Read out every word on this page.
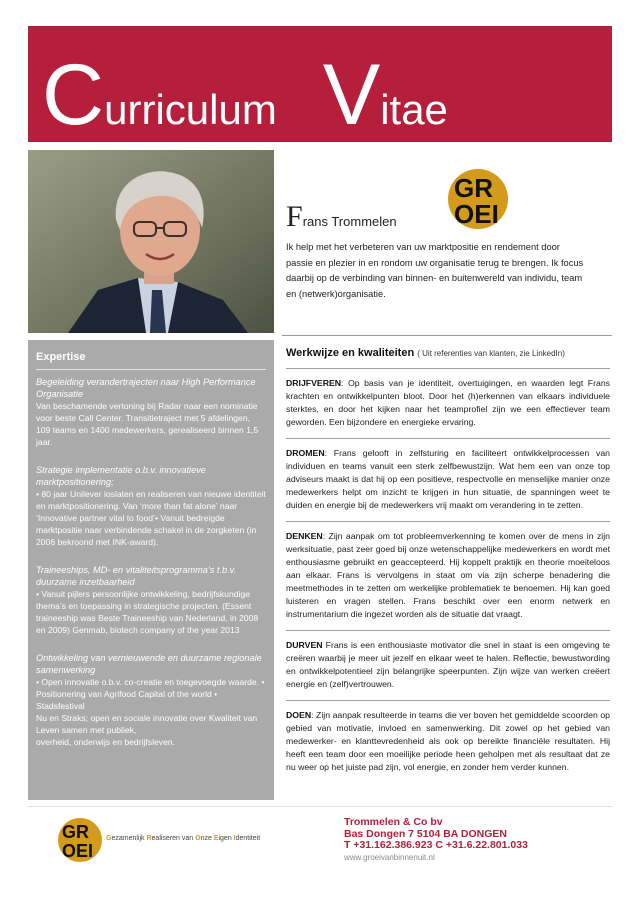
Curriculum Vitae
Frans Trommelen
GR
OEI
Ik help met het verbeteren van uw marktpositie en rendement door passie en plezier in en rondom uw organisatie terug te brengen. Ik focus daarbij op de verbinding van binnen- en buitenwereld van individu, team en (netwerk)organisatie.
Expertise
Begeleiding verandertrajecten naar High Performance Organisatie

Van beschamende vertoning bij Radar naar een nominatie voor beste Call Center. Transitietraject met 5 afdelingen, 109 teams en 1400 medewerkers, gerealiseerd binnen 1,5 jaar.

Strategie implementatie o.b.v. innovatieve marktpositionering;

• 80 jaar Unilever loslaten en realiseren van nieuwe identiteit en marktpositionering. Van ‘more than fat alone’ naar ‘Innovative partner vital to food’• Vanuit bedreigde marktpositie naar verbindende schakel in de zorgketen (in 2006 bekroond met INK-award).

Traineeships, MD- en vitaliteitsprogramma’s t.b.v. duurzame inzetbaarheid

• Vanuit pijlers persoonlijke ontwikkeling, bedrijfskundige thema’s en toepassing in strategische projecten. (Essent traineeship was Beste Traineeship van Nederland, in 2008 en 2009) Genmab, biotech company of the year 2013

Ontwikkeling van vernieuwende en duurzame regionale samenwerking

• Open innovatie o.b.v. co-creatie en toegevoegde waarde. • Positionering van Agrifood Capital of the world • Stadsfestival

Nu en Straks; open en sociale innovatie over Kwaliteit van Leven samen met publiek,

overheid, onderwijs en bedrijfsleven.

Werkwijze en kwaliteiten ( Uit referenties van klanten, zie LinkedIn)

DRIJFVEREN: Op basis van je identiteit, overtuigingen, en waarden legt Frans krachten en ontwikkelpunten bloot. Door het (h)erkennen van elkaars individuele sterktes, en door het kijken naar het teamprofiel zijn we een effectiever team geworden. Een bijzondere en energieke ervaring.

DROMEN: Frans gelooft in zelfsturing en faciliteert ontwikkelprocessen van individuen en teams vanuit een sterk zelfbewustzijn. Wat hem een van onze top adviseurs maakt is dat hij op een positieve, respectvolle en menselijke manier onze medewerkers helpt om inzicht te krijgen in hun situatie, de spanningen weet te duiden en energie bij de medewerkers vrij maakt om verandering in te zetten.

DENKEN: Zijn aanpak om tot probleemverkenning te komen over de mens in zijn werksituatie, past zeer goed bij onze wetenschappelijke medewerkers en wordt met enthousiasme gebruikt en geaccepteerd. Hij koppelt praktijk en theorie moeiteloos aan elkaar. Frans is vervolgens in staat om via zijn scherpe benadering die meetmethodes in te zetten om werkelijke problematiek te benoemen. Hij kan goed luisteren en vragen stellen. Frans beschikt over een enorm netwerk en instrumentarium die ingezet worden als de situatie dat vraagt.

DURVEN Frans is een enthousiaste motivator die snel in staat is een omgeving te creëren waarbij je meer uit jezelf en elkaar weet te halen. Reflectie, bewustwording en ontwikkelpotentieel zijn belangrijke speerpunten. Zijn wijze van werken creëert energie en (zelf)vertrouwen.

DOEN: Zijn aanpak resulteerde in teams die ver boven het gemiddelde scoorden op gebied van motivatie, invloed en samenwerking. Dit zowel op het gebied van medewerker- en klanttevredenheid als ook op bereikte financiële resultaten. Hij heeft een team door een moeilijke periode heen geholpen met als resultaat dat ze nu weer op het juiste pad zijn, vol energie, en zonder hem verder kunnen.

GR
OEI
Gezamenlijk Realiseren van Onze Eigen Identiteit
Trommelen & Co bv
Bas Dongen 7 5104 BA DONGEN
T +31.162.386.923 C +31.6.22.801.033
www.groeivanbinnenuit.nl
